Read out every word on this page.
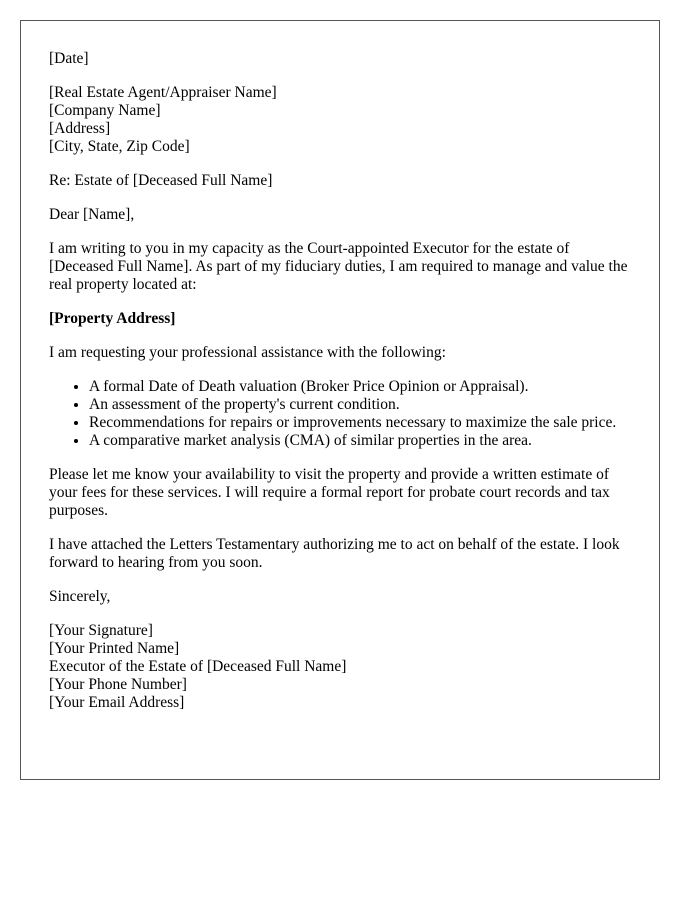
[Date]

[Real Estate Agent/Appraiser Name]
[Company Name]
[Address]
[City, State, Zip Code]

Re: Estate of [Deceased Full Name]

Dear [Name],

I am writing to you in my capacity as the Court-appointed Executor for the estate of [Deceased Full Name]. As part of my fiduciary duties, I am required to manage and value the real property located at:

[Property Address]

I am requesting your professional assistance with the following:

• A formal Date of Death valuation (Broker Price Opinion or Appraisal).
• An assessment of the property's current condition.
• Recommendations for repairs or improvements necessary to maximize the sale price.
• A comparative market analysis (CMA) of similar properties in the area.

Please let me know your availability to visit the property and provide a written estimate of your fees for these services. I will require a formal report for probate court records and tax purposes.

I have attached the Letters Testamentary authorizing me to act on behalf of the estate. I look forward to hearing from you soon.

Sincerely,

[Your Signature]
[Your Printed Name]
Executor of the Estate of [Deceased Full Name]
[Your Phone Number]
[Your Email Address]
